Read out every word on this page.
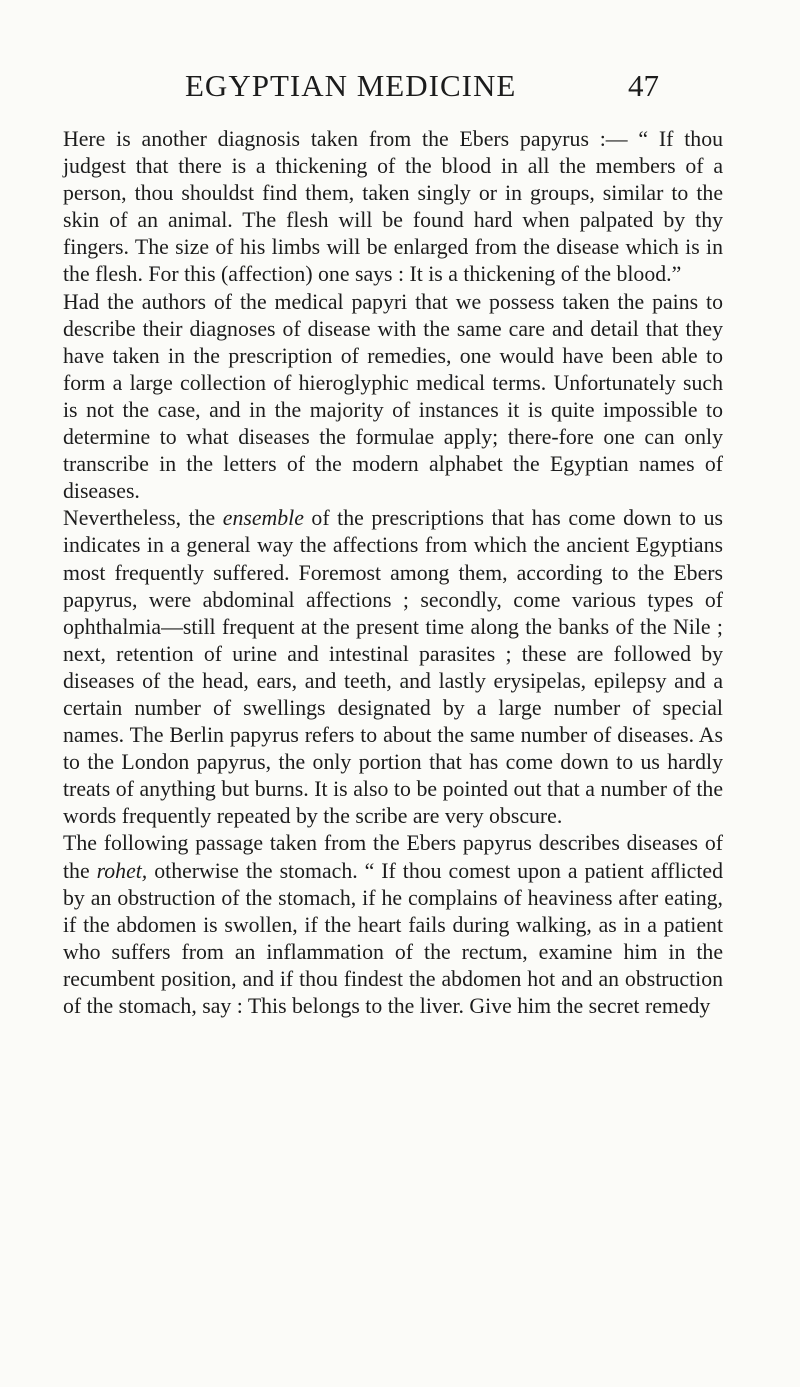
EGYPTIAN MEDICINE	47

Here is another diagnosis taken from the Ebers papyrus :— “ If thou judgest that there is a thickening of the blood in all the members of a person, thou shouldst find them, taken singly or in groups, similar to the skin of an animal. The flesh will be found hard when palpated by thy fingers. The size of his limbs will be enlarged from the disease which is in the flesh. For this (affection) one says : It is a thickening of the blood.”

Had the authors of the medical papyri that we possess taken the pains to describe their diagnoses of disease with the same care and detail that they have taken in the prescription of remedies, one would have been able to form a large collection of hieroglyphic medical terms. Unfortunately such is not the case, and in the majority of instances it is quite impossible to determine to what diseases the formulae apply; there-fore one can only transcribe in the letters of the modern alphabet the Egyptian names of diseases.

Nevertheless, the ensemble of the prescriptions that has come down to us indicates in a general way the affections from which the ancient Egyptians most frequently suffered. Foremost among them, according to the Ebers papyrus, were abdominal affections ; secondly, come various types of ophthalmia—still frequent at the present time along the banks of the Nile ; next, retention of urine and intestinal parasites ; these are followed by diseases of the head, ears, and teeth, and lastly erysipelas, epilepsy and a certain number of swellings designated by a large number of special names. The Berlin papyrus refers to about the same number of diseases. As to the London papyrus, the only portion that has come down to us hardly treats of anything but burns. It is also to be pointed out that a number of the words frequently repeated by the scribe are very obscure.

The following passage taken from the Ebers papyrus describes diseases of the rohet, otherwise the stomach. “ If thou comest upon a patient afflicted by an obstruction of the stomach, if he complains of heaviness after eating, if the abdomen is swollen, if the heart fails during walking, as in a patient who suffers from an inflammation of the rectum, examine him in the recumbent position, and if thou findest the abdomen hot and an obstruction of the stomach, say : This belongs to the liver. Give him the secret remedy
